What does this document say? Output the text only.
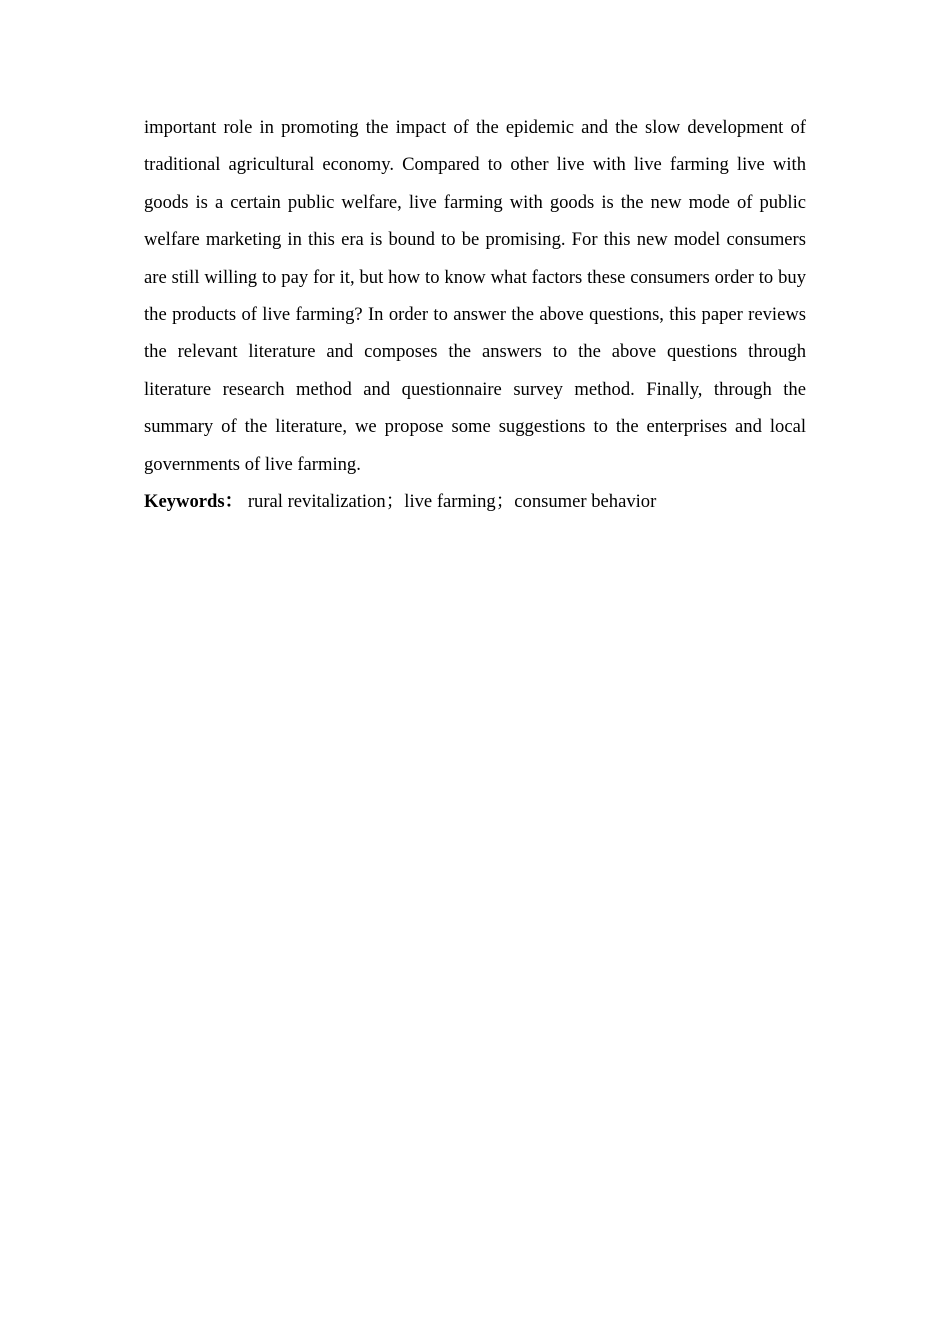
important role in promoting the impact of the epidemic and the slow development of traditional agricultural economy. Compared to other live with live farming live with goods is a certain public welfare, live farming with goods is the new mode of public welfare marketing in this era is bound to be promising. For this new model consumers are still willing to pay for it, but how to know what factors these consumers order to buy the products of live farming? In order to answer the above questions, this paper reviews the relevant literature and composes the answers to the above questions through literature research method and questionnaire survey method. Finally, through the summary of the literature, we propose some suggestions to the enterprises and local governments of live farming.

Keywords： rural revitalization；live farming；consumer behavior
